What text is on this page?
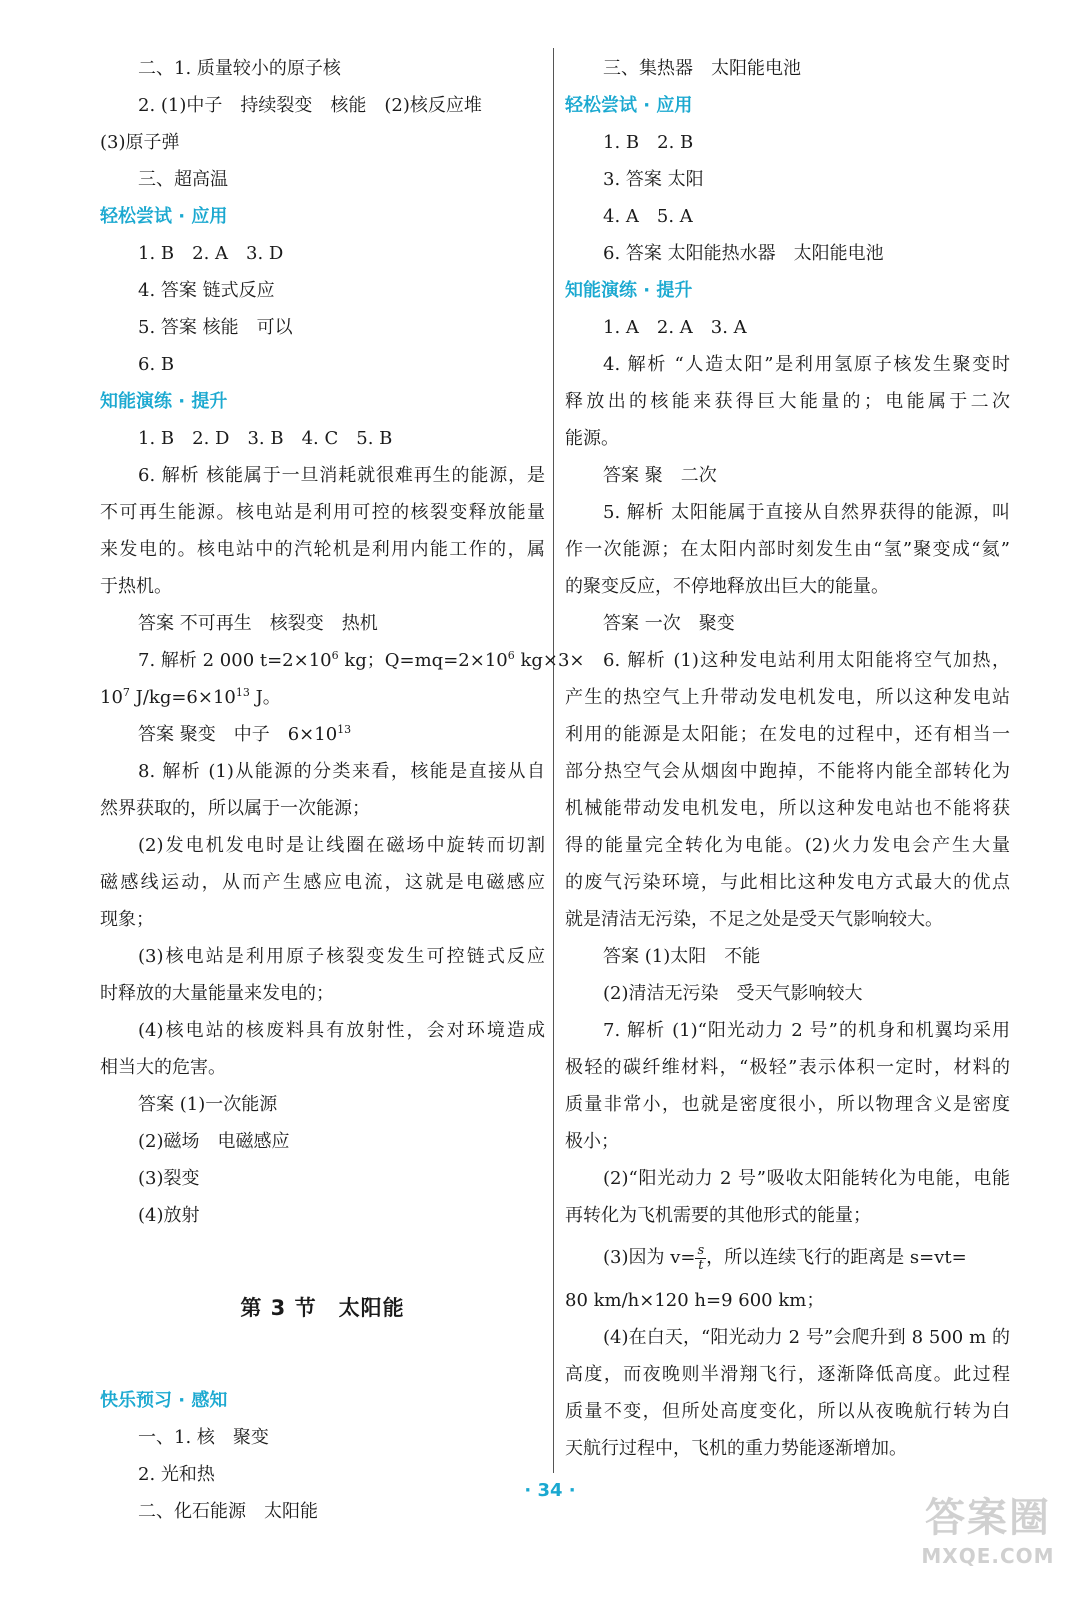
二、1. 质量较小的原子核
2. (1)中子　持续裂变　核能　(2)核反应堆
(3)原子弹
三、超高温
轻松尝试 · 应用
1. B　2. A　3. D
4. 答案 链式反应
5. 答案 核能　可以
6. B
知能演练 · 提升
1. B　2. D　3. B　4. C　5. B
6. 解析 核能属于一旦消耗就很难再生的能源，是
不可再生能源。核电站是利用可控的核裂变释放能量
来发电的。核电站中的汽轮机是利用内能工作的，属
于热机。
答案 不可再生　核裂变　热机
7. 解析 2 000 $t=2\times 10^6$ kg；$Q=mq=2\times 10^6$ kg×3×
$10^7$ $J/kg=6\times 10^{13}$ J。
答案 聚变　中子　$6\times 10^{13}$
8. 解析 (1)从能源的分类来看，核能是直接从自
然界获取的，所以属于一次能源；
(2)发电机发电时是让线圈在磁场中旋转而切割
磁感线运动，从而产生感应电流，这就是电磁感应
现象；
(3)核电站是利用原子核裂变发生可控链式反应
时释放的大量能量来发电的；
(4)核电站的核废料具有放射性，会对环境造成
相当大的危害。
答案 (1)一次能源
(2)磁场　电磁感应
(3)裂变
(4)放射
第 3 节　太阳能
快乐预习 · 感知
一、1. 核　聚变
2. 光和热
二、化石能源　太阳能
三、集热器　太阳能电池
轻松尝试 · 应用
1. B　2. B
3. 答案 太阳
4. A　5. A
6. 答案 太阳能热水器　太阳能电池
知能演练 · 提升
1. A　2. A　3. A
4. 解析 “人造太阳”是利用氢原子核发生聚变时
释放出的核能来获得巨大能量的；电能属于二次
能源。
答案 聚　二次
5. 解析 太阳能属于直接从自然界获得的能源，叫
作一次能源；在太阳内部时刻发生由“氢”聚变成“氦”
的聚变反应，不停地释放出巨大的能量。
答案 一次　聚变
6. 解析 (1)这种发电站利用太阳能将空气加热，
产生的热空气上升带动发电机发电，所以这种发电站
利用的能源是太阳能；在发电的过程中，还有相当一
部分热空气会从烟囱中跑掉，不能将内能全部转化为
机械能带动发电机发电，所以这种发电站也不能将获
得的能量完全转化为电能。(2)火力发电会产生大量
的废气污染环境，与此相比这种发电方式最大的优点
就是清洁无污染，不足之处是受天气影响较大。
答案 (1)太阳　不能
(2)清洁无污染　受天气影响较大
7. 解析 (1)“阳光动力 2 号”的机身和机翼均采用
极轻的碳纤维材料，“极轻”表示体积一定时，材料的
质量非常小，也就是密度很小，所以物理含义是密度
极小；
(2)“阳光动力 2 号”吸收太阳能转化为电能，电能
再转化为飞机需要的其他形式的能量；
(3)因为 $v= \frac{s}{t}$ ，所以连续飞行的距离是 s=vt=
80 km/h×120 h=9 600 km；
(4)在白天，“阳光动力 2 号”会爬升到 8 500 m 的
高度，而夜晚则半滑翔飞行，逐渐降低高度。此过程
质量不变，但所处高度变化，所以从夜晚航行转为白
天航行过程中，飞机的重力势能逐渐增加。
· 34 ·
答案圈
MXQE.COM
